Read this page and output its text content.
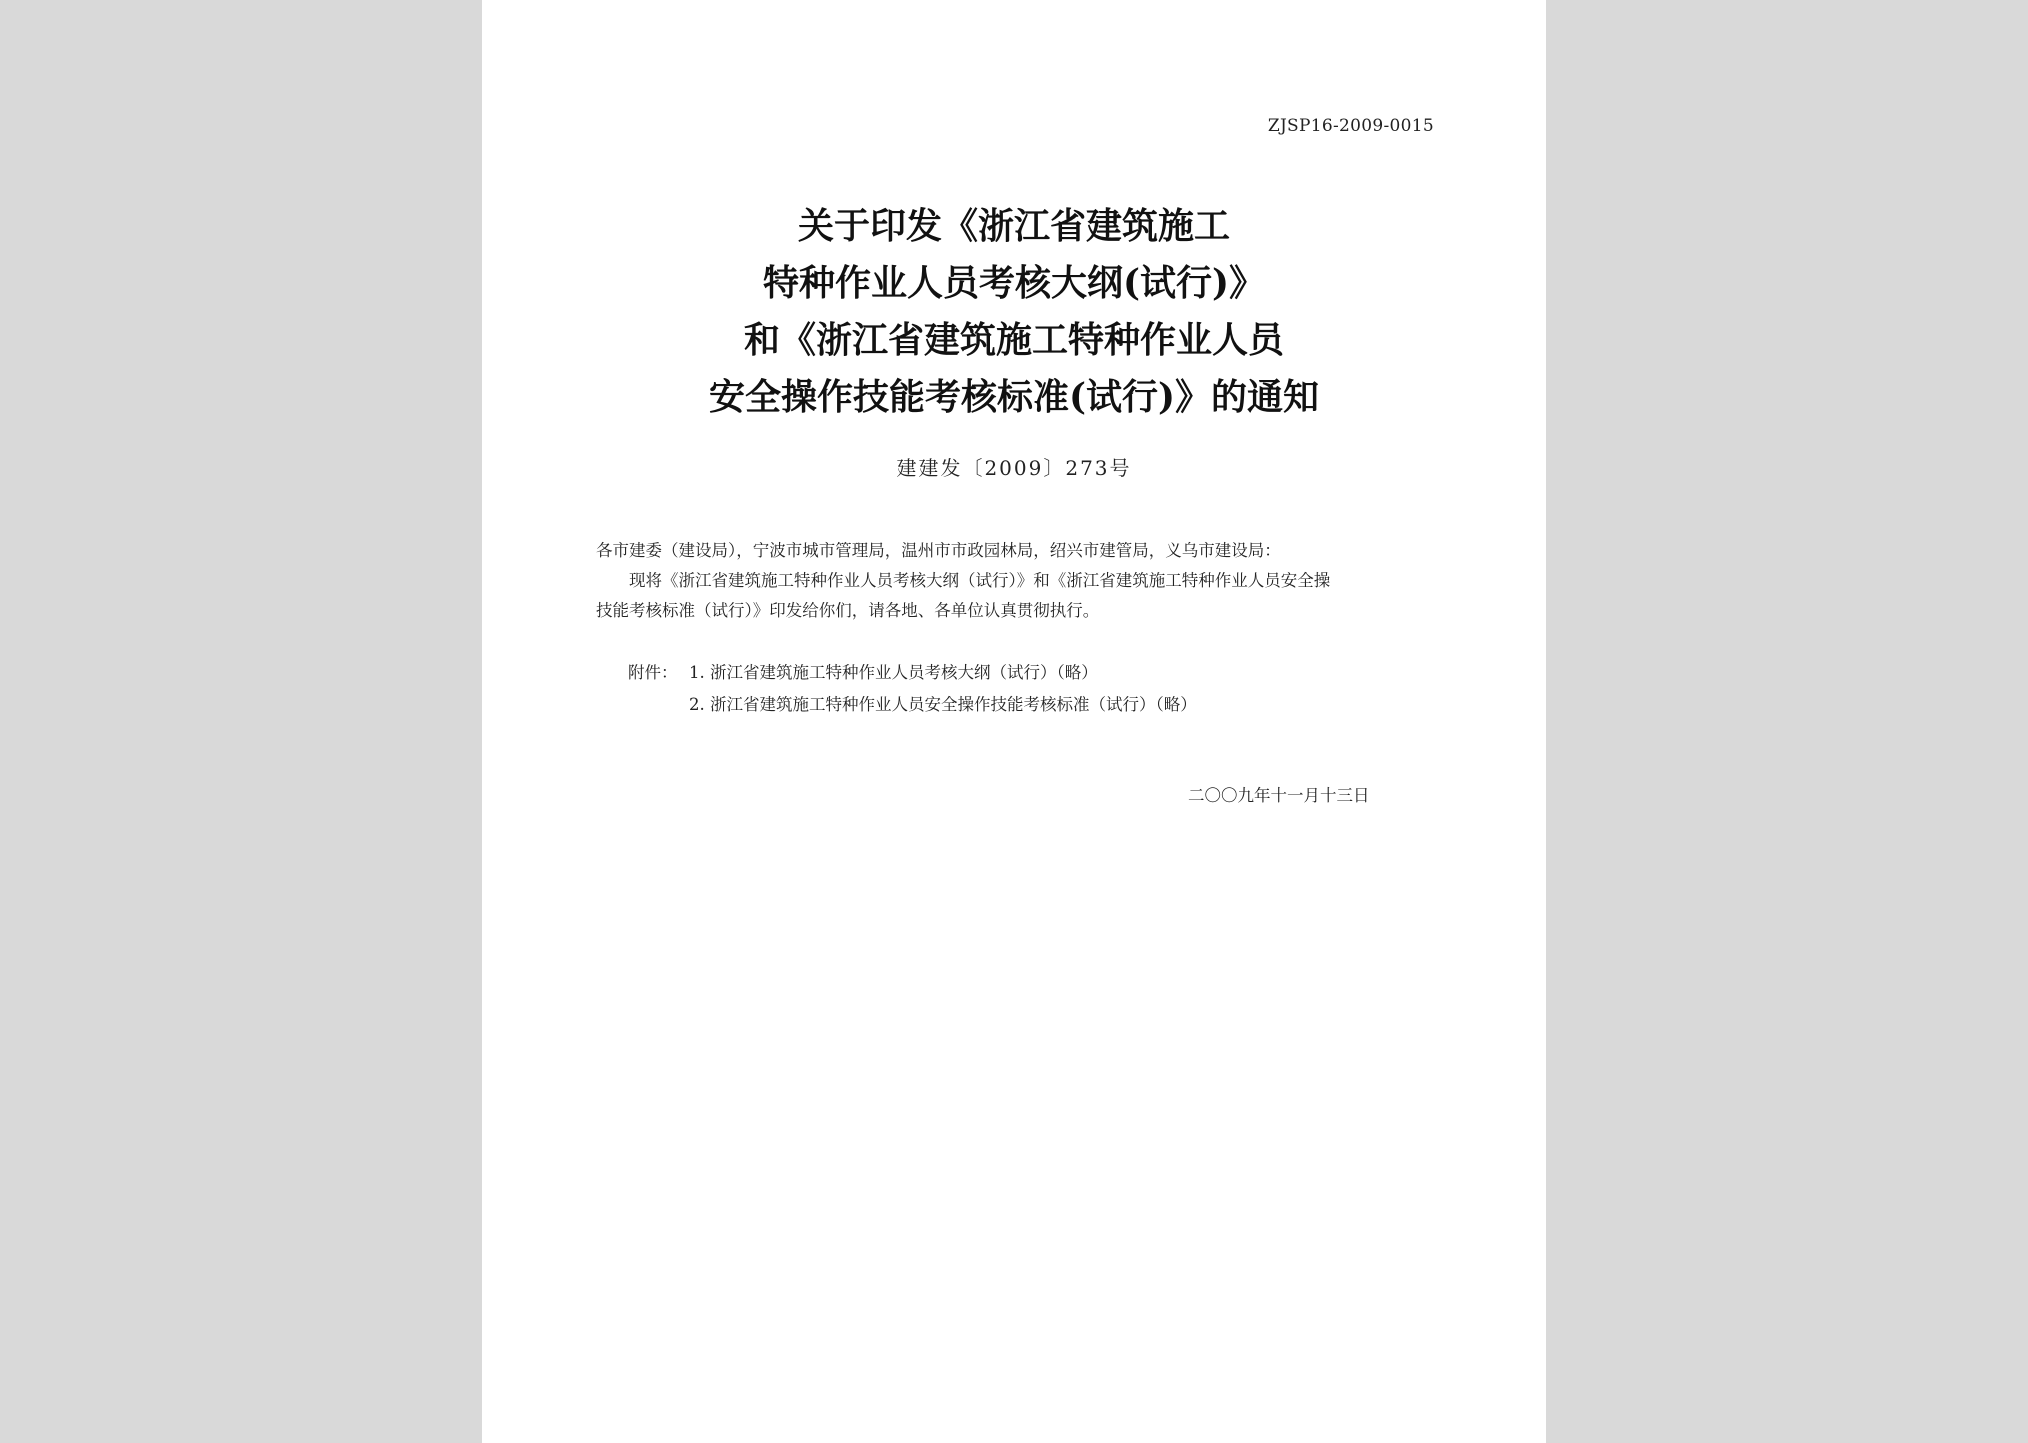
ZJSP16-2009-0015
关于印发《浙江省建筑施工
特种作业人员考核大纲(试行)》
和《浙江省建筑施工特种作业人员
安全操作技能考核标准(试行)》的通知
建建发〔2009〕273号
各市建委（建设局），宁波市城市管理局，温州市市政园林局，绍兴市建管局，义乌市建设局：
现将《浙江省建筑施工特种作业人员考核大纲（试行）》和《浙江省建筑施工特种作业人员安全操
技能考核标准（试行）》印发给你们，请各地、各单位认真贯彻执行。
附件： 1. 浙江省建筑施工特种作业人员考核大纲（试行）（略）
2. 浙江省建筑施工特种作业人员安全操作技能考核标准（试行）（略）
二〇〇九年十一月十三日
